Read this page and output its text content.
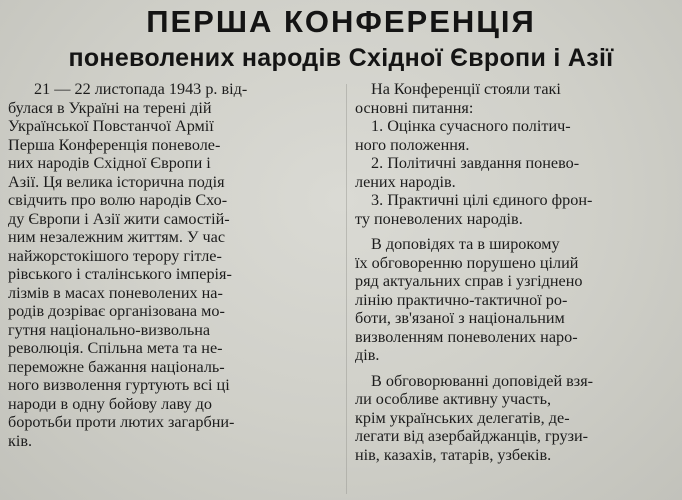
ПЕРША КОНФЕРЕНЦІЯ
поневолених народів Східної Європи і Азії
21 — 22 листопада 1943 р. від-
булася в Україні на терені дій
Української Повстанчої Армії
Перша Конференція поневоле-
них народів Східної Європи і
Азії. Ця велика історична подія
свідчить про волю народів Схо-
ду Європи і Азії жити самостій-
ним незалежним життям. У час
найжорстокішого терору гітле-
рівського і сталінського імперія-
лізмів в масах поневолених на-
родів дозріває організована мо-
гутня національно-визвольна
революція. Спільна мета та не-
переможне бажання національ-
ного визволення гуртують всі ці
народи в одну бойову лаву до
боротьби проти лютих загарбни-
ків.
На Конференції стояли такі
основні питання:
1. Оцінка сучасного політич-
ного положення.
2. Політичні завдання понево-
лених народів.
3. Практичні цілі єдиного фрон-
ту поневолених народів.
В доповідях та в широкому
їх обговоренню порушено цілий
ряд актуальних справ і узгіднено
лінію практично-тактичної ро-
боти, зв'язаної з національним
визволенням поневолених наро-
дів.
В обговорюванні доповідей взя-
ли особливе активну участь,
крім українських делегатів, де-
легати від азербайджанців, грузи-
нів, казахів, татарів, узбеків.
